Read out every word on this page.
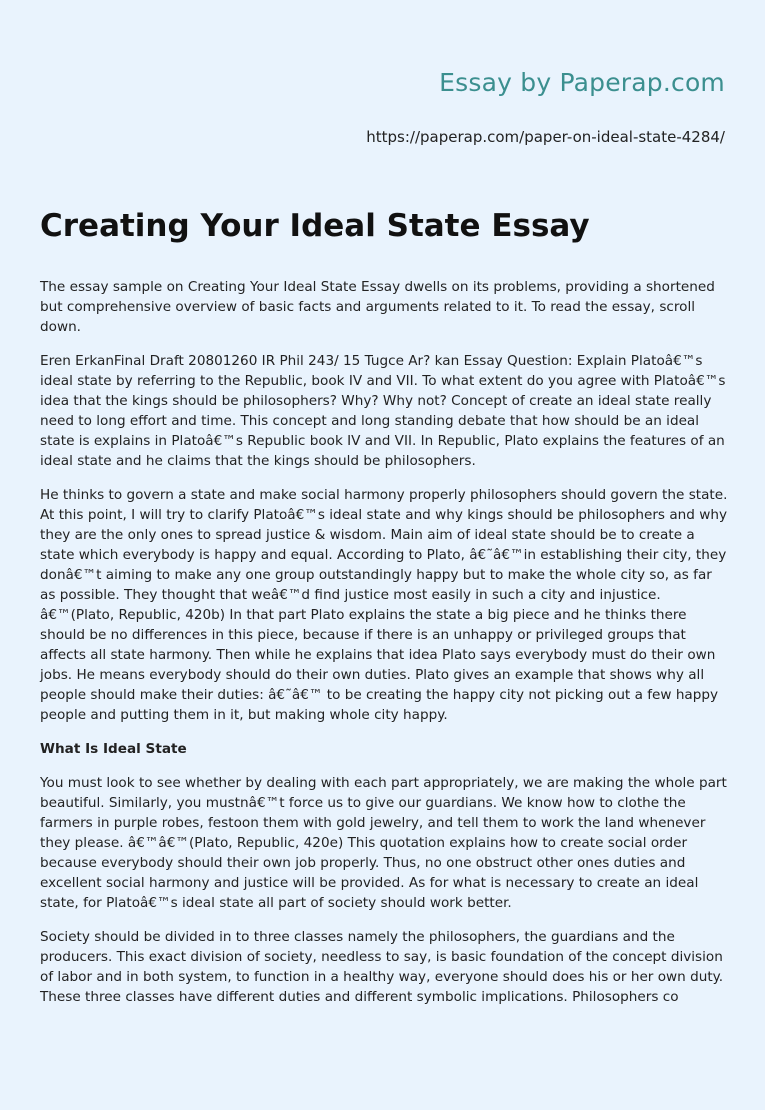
Essay by Paperap.com
https://paperap.com/paper-on-ideal-state-4284/
Creating Your Ideal State Essay

The essay sample on Creating Your Ideal State Essay dwells on its problems, providing a shortened but comprehensive overview of basic facts and arguments related to it. To read the essay, scroll down.

Eren ErkanFinal Draft 20801260 IR Phil 243/ 15 Tugce Ar? kan Essay Question: Explain Platoâ€™s ideal state by referring to the Republic, book IV and VII. To what extent do you agree with Platoâ€™s idea that the kings should be philosophers? Why? Why not? Concept of create an ideal state really need to long effort and time. This concept and long standing debate that how should be an ideal state is explains in Platoâ€™s Republic book IV and VII. In Republic, Plato explains the features of an ideal state and he claims that the kings should be philosophers.

He thinks to govern a state and make social harmony properly philosophers should govern the state. At this point, I will try to clarify Platoâ€™s ideal state and why kings should be philosophers and why they are the only ones to spread justice & wisdom. Main aim of ideal state should be to create a state which everybody is happy and equal. According to Plato, â€˜â€™in establishing their city, they donâ€™t aiming to make any one group outstandingly happy but to make the whole city so, as far as possible. They thought that weâ€™d find justice most easily in such a city and injustice. â€™(Plato, Republic, 420b) In that part Plato explains the state a big piece and he thinks there should be no differences in this piece, because if there is an unhappy or privileged groups that affects all state harmony. Then while he explains that idea Plato says everybody must do their own jobs. He means everybody should do their own duties. Plato gives an example that shows why all people should make their duties: â€˜â€™ to be creating the happy city not picking out a few happy people and putting them in it, but making whole city happy.

What Is Ideal State

You must look to see whether by dealing with each part appropriately, we are making the whole part beautiful. Similarly, you mustnâ€™t force us to give our guardians. We know how to clothe the farmers in purple robes, festoon them with gold jewelry, and tell them to work the land whenever they please. â€™â€™(Plato, Republic, 420e) This quotation explains how to create social order because everybody should their own job properly. Thus, no one obstruct other ones duties and excellent social harmony and justice will be provided. As for what is necessary to create an ideal state, for Platoâ€™s ideal state all part of society should work better.

Society should be divided in to three classes namely the philosophers, the guardians and the producers. This exact division of society, needless to say, is basic foundation of the concept division of labor and in both system, to function in a healthy way, everyone should does his or her own duty. These three classes have different duties and different symbolic implications. Philosophers co
